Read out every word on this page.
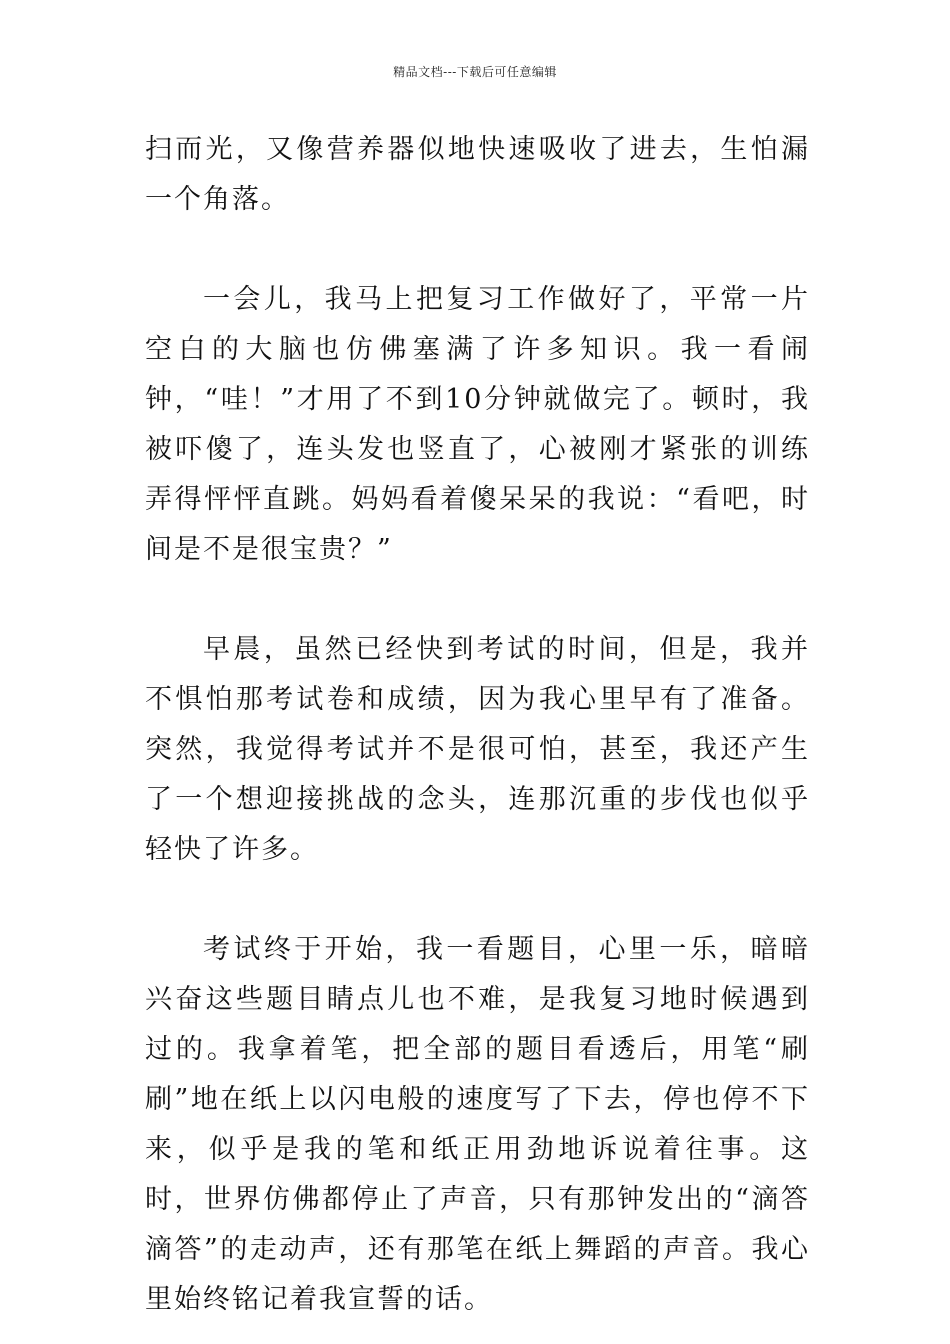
精品文档---下载后可任意编辑

扫而光，又像营养器似地快速吸收了进去，生怕漏一个角落。

一会儿，我马上把复习工作做好了，平常一片空白的大脑也仿佛塞满了许多知识。我一看闹钟，“哇！”才用了不到10分钟就做完了。顿时，我被吓傻了，连头发也竖直了，心被刚才紧张的训练弄得怦怦直跳。妈妈看着傻呆呆的我说：“看吧，时间是不是很宝贵？”

早晨，虽然已经快到考试的时间，但是，我并不惧怕那考试卷和成绩，因为我心里早有了准备。突然，我觉得考试并不是很可怕，甚至，我还产生了一个想迎接挑战的念头，连那沉重的步伐也似乎轻快了许多。

考试终于开始，我一看题目，心里一乐，暗暗兴奋这些题目睛点儿也不难，是我复习地时候遇到过的。我拿着笔，把全部的题目看透后，用笔“刷刷”地在纸上以闪电般的速度写了下去，停也停不下来，似乎是我的笔和纸正用劲地诉说着往事。这时，世界仿佛都停止了声音，只有那钟发出的“滴答滴答”的走动声，还有那笔在纸上舞蹈的声音。我心里始终铭记着我宣誓的话。
